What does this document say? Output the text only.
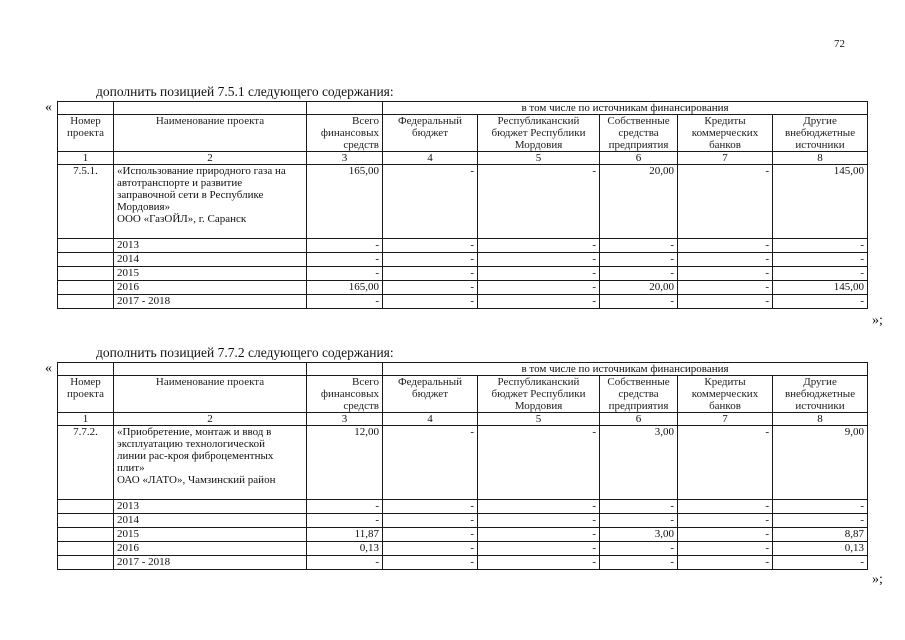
72
дополнить позицией 7.5.1 следующего содержания:
«
				в том числе по источникам финансирования				
Номер проекта	Наименование проекта	Всего финансовых средств	Федеральный бюджет	Республиканский бюджет Республики Мордовия	Собственные средства предприятия	Кредиты коммерческих банков	Другие внебюджетные источники
1	2	3	4	5	6	7	8
7.5.1.	«Использование природного газа на
автотранспорте и развитие
заправочной сети в Республике
Мордовия»
ООО «ГазОЙЛ», г. Саранск	165,00	-	-	20,00	-	145,00
	2013	-	-	-	-	-	-
	2014	-	-	-	-	-	-
	2015	-	-	-	-	-	-
	2016	165,00	-	-	20,00	-	145,00
	2017 - 2018	-	-	-	-	-	-
»;
дополнить позицией 7.7.2 следующего содержания:
«
				в том числе по источникам финансирования				
Номер проекта	Наименование проекта	Всего финансовых средств	Федеральный бюджет	Республиканский бюджет Республики Мордовия	Собственные средства предприятия	Кредиты коммерческих банков	Другие внебюджетные источники
1	2	3	4	5	6	7	8
7.7.2.	«Приобретение, монтаж и ввод в
эксплуатацию технологической
линии рас-кроя фиброцементных
плит»
ОАО «ЛАТО», Чамзинский район	12,00	-	-	3,00	-	9,00
	2013	-	-	-	-	-	-
	2014	-	-	-	-	-	-
	2015	11,87	-	-	3,00	-	8,87
	2016	0,13	-	-	-	-	0,13
	2017 - 2018	-	-	-	-	-	-
»;
